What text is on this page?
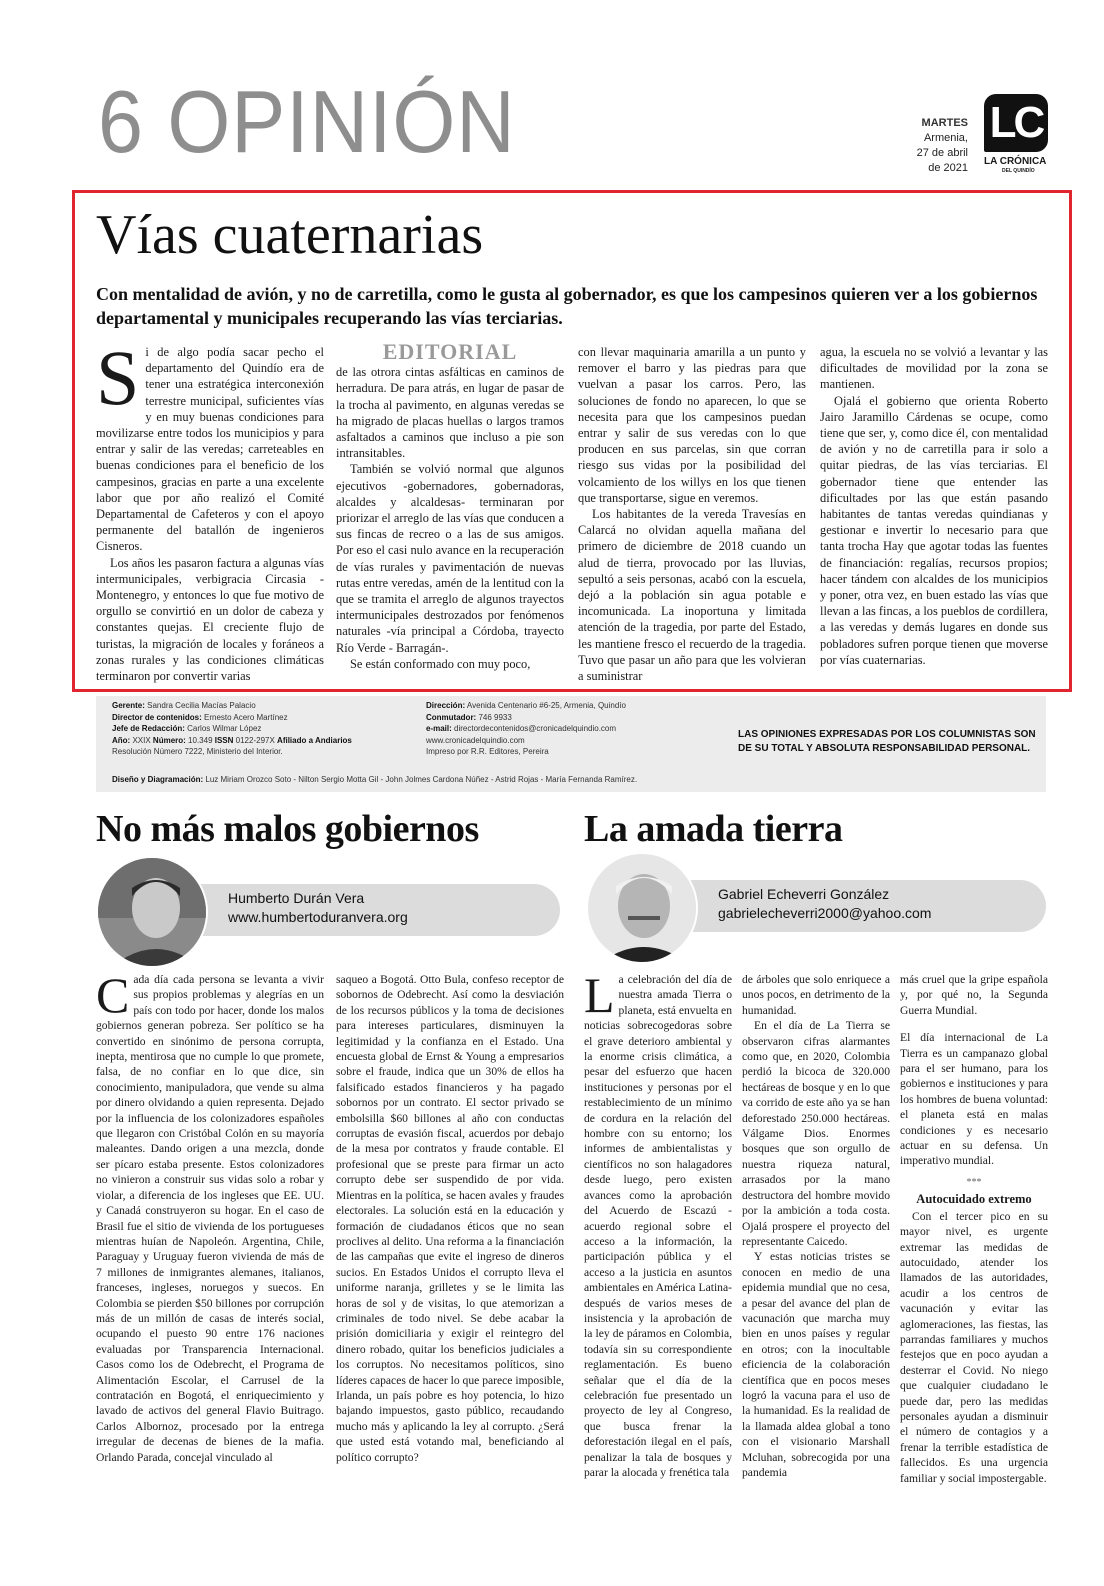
6 OPINIÓN	MARTES
Armenia,
27 de abril
de 2021
LC
LA CRÓNICA
DEL QUINDÍO
Vías cuaternarias

Con mentalidad de avión, y no de carretilla, como le gusta al gobernador, es que los campesinos quieren ver a los gobiernos departamental y municipales recuperando las vías terciarias.

Si de algo podía sacar pecho el departamento del Quindío era de tener una estratégica interconexión terrestre municipal, suficientes vías y en muy buenas condiciones para movilizarse entre todos los municipios y para entrar y salir de las veredas; carreteables en buenas condiciones para el beneficio de los campesinos, gracias en parte a una excelente labor que por año realizó el Comité Departamental de Cafeteros y con el apoyo permanente del batallón de ingenieros Cisneros.

Los años les pasaron factura a algunas vías intermunicipales, verbigracia Circasia - Montenegro, y entonces lo que fue motivo de orgullo se convirtió en un dolor de cabeza y constantes quejas. El creciente flujo de turistas, la migración de locales y foráneos a zonas rurales y las condiciones climáticas terminaron por convertir varias

EDITORIAL

de las otrora cintas asfálticas en caminos de herradura. De para atrás, en lugar de pasar de la trocha al pavimento, en algunas veredas se ha migrado de placas huellas o largos tramos asfaltados a caminos que incluso a pie son intransitables.

También se volvió normal que algunos ejecutivos -gobernadores, gobernadoras, alcaldes y alcaldesas- terminaran por priorizar el arreglo de las vías que conducen a sus fincas de recreo o a las de sus amigos. Por eso el casi nulo avance en la recuperación de vías rurales y pavimentación de nuevas rutas entre veredas, amén de la lentitud con la que se tramita el arreglo de algunos trayectos intermunicipales destrozados por fenómenos naturales -vía principal a Córdoba, trayecto Río Verde - Barragán-.

Se están conformado con muy poco,

con llevar maquinaria amarilla a un punto y remover el barro y las piedras para que vuelvan a pasar los carros. Pero, las soluciones de fondo no aparecen, lo que se necesita para que los campesinos puedan entrar y salir de sus veredas con lo que producen en sus parcelas, sin que corran riesgo sus vidas por la posibilidad del volcamiento de los willys en los que tienen que transportarse, sigue en veremos.

Los habitantes de la vereda Travesías en Calarcá no olvidan aquella mañana del primero de diciembre de 2018 cuando un alud de tierra, provocado por las lluvias, sepultó a seis personas, acabó con la escuela, dejó a la población sin agua potable e incomunicada. La inoportuna y limitada atención de la tragedia, por parte del Estado, les mantiene fresco el recuerdo de la tragedia. Tuvo que pasar un año para que les volvieran a suministrar

agua, la escuela no se volvió a levantar y las dificultades de movilidad por la zona se mantienen.

Ojalá el gobierno que orienta Roberto Jairo Jaramillo Cárdenas se ocupe, como tiene que ser, y, como dice él, con mentalidad de avión y no de carretilla para ir solo a quitar piedras, de las vías terciarias. El gobernador tiene que entender las dificultades por las que están pasando habitantes de tantas veredas quindianas y gestionar e invertir lo necesario para que tanta trocha Hay que agotar todas las fuentes de financiación: regalías, recursos propios; hacer tándem con alcaldes de los municipios y poner, otra vez, en buen estado las vías que llevan a las fincas, a los pueblos de cordillera, a las veredas y demás lugares en donde sus pobladores sufren porque tienen que moverse por vías cuaternarias.

Gerente: Sandra Cecilia Macías Palacio
Director de contenidos: Ernesto Acero Martínez
Jefe de Redacción: Carlos Wilmar López
Año: XXIX Número: 10.349 ISSN 0122-297X Afiliado a Andiarios
Resolución Número 7222, Ministerio del Interior.
Dirección: Avenida Centenario #6-25, Armenia, Quindío
Conmutador: 746 9933
e-mail: directordecontenidos@cronicadelquindio.com
www.cronicadelquindio.com
Impreso por R.R. Editores, Pereira
LAS OPINIONES EXPRESADAS POR LOS COLUMNISTAS SON DE SU TOTAL Y ABSOLUTA RESPONSABILIDAD PERSONAL.
Diseño y Diagramación: Luz Miriam Orozco Soto - Nilton Sergio Motta Gil - John Jolmes Cardona Núñez - Astrid Rojas - María Fernanda Ramírez.
No más malos gobiernos
Humberto Durán Vera
www.humbertoduranvera.org

Cada día cada persona se levanta a vivir sus propios problemas y alegrías en un país con todo por hacer, donde los malos gobiernos generan pobreza. Ser político se ha convertido en sinónimo de persona corrupta, inepta, mentirosa que no cumple lo que promete, falsa, de no confiar en lo que dice, sin conocimiento, manipuladora, que vende su alma por dinero olvidando a quien representa. Dejado por la influencia de los colonizadores españoles que llegaron con Cristóbal Colón en su mayoría maleantes. Dando origen a una mezcla, donde ser pícaro estaba presente. Estos colonizadores no vinieron a construir sus vidas solo a robar y violar, a diferencia de los ingleses que EE. UU. y Canadá construyeron su hogar. En el caso de Brasil fue el sitio de vivienda de los portugueses mientras huían de Napoleón. Argentina, Chile, Paraguay y Uruguay fueron vivienda de más de 7 millones de inmigrantes alemanes, italianos, franceses, ingleses, noruegos y suecos. En Colombia se pierden $50 billones por corrupción más de un millón de casas de interés social, ocupando el puesto 90 entre 176 naciones evaluadas por Transparencia Internacional. Casos como los de Odebrecht, el Programa de Alimentación Escolar, el Carrusel de la contratación en Bogotá, el enriquecimiento y lavado de activos del general Flavio Buitrago. Carlos Albornoz, procesado por la entrega irregular de decenas de bienes de la mafia. Orlando Parada, concejal vinculado al

saqueo a Bogotá. Otto Bula, confeso receptor de sobornos de Odebrecht. Así como la desviación de los recursos públicos y la toma de decisiones para intereses particulares, disminuyen la legitimidad y la confianza en el Estado. Una encuesta global de Ernst & Young a empresarios sobre el fraude, indica que un 30% de ellos ha falsificado estados financieros y ha pagado sobornos por un contrato. El sector privado se embolsilla $60 billones al año con conductas corruptas de evasión fiscal, acuerdos por debajo de la mesa por contratos y fraude contable. El profesional que se preste para firmar un acto corrupto debe ser suspendido de por vida. Mientras en la política, se hacen avales y fraudes electorales. La solución está en la educación y formación de ciudadanos éticos que no sean proclives al delito. Una reforma a la financiación de las campañas que evite el ingreso de dineros sucios. En Estados Unidos el corrupto lleva el uniforme naranja, grilletes y se le limita las horas de sol y de visitas, lo que atemorizan a criminales de todo nivel. Se debe acabar la prisión domiciliaria y exigir el reintegro del dinero robado, quitar los beneficios judiciales a los corruptos. No necesitamos políticos, sino líderes capaces de hacer lo que parece imposible, Irlanda, un país pobre es hoy potencia, lo hizo bajando impuestos, gasto público, recaudando mucho más y aplicando la ley al corrupto. ¿Será que usted está votando mal, beneficiando al político corrupto?

La amada tierra
Gabriel Echeverri González
gabrielecheverri2000@yahoo.com

La celebración del día de nuestra amada Tierra o planeta, está envuelta en noticias sobrecogedoras sobre el grave deterioro ambiental y la enorme crisis climática, a pesar del esfuerzo que hacen instituciones y personas por el restablecimiento de un mínimo de cordura en la relación del hombre con su entorno; los informes de ambientalistas y científicos no son halagadores desde luego, pero existen avances como la aprobación del Acuerdo de Escazú -acuerdo regional sobre el acceso a la información, la participación pública y el acceso a la justicia en asuntos ambientales en América Latina- después de varios meses de insistencia y la aprobación de la ley de páramos en Colombia, todavía sin su correspondiente reglamentación. Es bueno señalar que el día de la celebración fue presentado un proyecto de ley al Congreso, que busca frenar la deforestación ilegal en el país, penalizar la tala de bosques y parar la alocada y frenética tala

de árboles que solo enriquece a unos pocos, en detrimento de la humanidad.

En el día de La Tierra se observaron cifras alarmantes como que, en 2020, Colombia perdió la bicoca de 320.000 hectáreas de bosque y en lo que va corrido de este año ya se han deforestado 250.000 hectáreas. Válgame Dios. Enormes bosques que son orgullo de nuestra riqueza natural, arrasados por la mano destructora del hombre movido por la ambición a toda costa. Ojalá prospere el proyecto del representante Caicedo.

Y estas noticias tristes se conocen en medio de una epidemia mundial que no cesa, a pesar del avance del plan de vacunación que marcha muy bien en unos países y regular en otros; con la inocultable eficiencia de la colaboración científica que en pocos meses logró la vacuna para el uso de la humanidad. Es la realidad de la llamada aldea global a tono con el visionario Marshall Mcluhan, sobrecogida por una pandemia

más cruel que la gripe española y, por qué no, la Segunda Guerra Mundial.

El día internacional de La Tierra es un campanazo global para el ser humano, para los gobiernos e instituciones y para los hombres de buena voluntad: el planeta está en malas condiciones y es necesario actuar en su defensa. Un imperativo mundial.

***
Autocuidado extremo

Con el tercer pico en su mayor nivel, es urgente extremar las medidas de autocuidado, atender los llamados de las autoridades, acudir a los centros de vacunación y evitar las aglomeraciones, las fiestas, las parrandas familiares y muchos festejos que en poco ayudan a desterrar el Covid. No niego que cualquier ciudadano le puede dar, pero las medidas personales ayudan a disminuir el número de contagios y a frenar la terrible estadística de fallecidos. Es una urgencia familiar y social impostergable.
